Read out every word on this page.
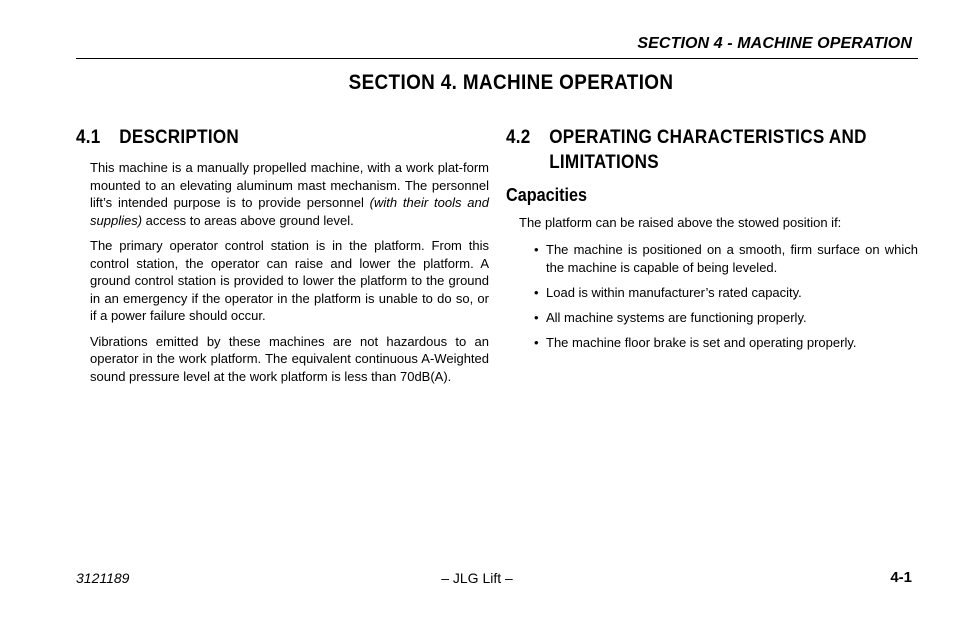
SECTION 4 - MACHINE OPERATION
SECTION 4. MACHINE OPERATION
4.1 DESCRIPTION

This machine is a manually propelled machine, with a work plat-form mounted to an elevating aluminum mast mechanism. The personnel lift’s intended purpose is to provide personnel (with their tools and supplies) access to areas above ground level.

The primary operator control station is in the platform. From this control station, the operator can raise and lower the platform. A ground control station is provided to lower the platform to the ground in an emergency if the operator in the platform is unable to do so, or if a power failure should occur.

Vibrations emitted by these machines are not hazardous to an operator in the work platform. The equivalent continuous A-Weighted sound pressure level at the work platform is less than 70dB(A).

4.2 OPERATING CHARACTERISTICS AND
LIMITATIONS
Capacities
The platform can be raised above the stowed position if:
• The machine is positioned on a smooth, firm surface on which the machine is capable of being leveled.
• Load is within manufacturer’s rated capacity.
• All machine systems are functioning properly.
• The machine floor brake is set and operating properly.
3121189	– JLG Lift –	4-1
